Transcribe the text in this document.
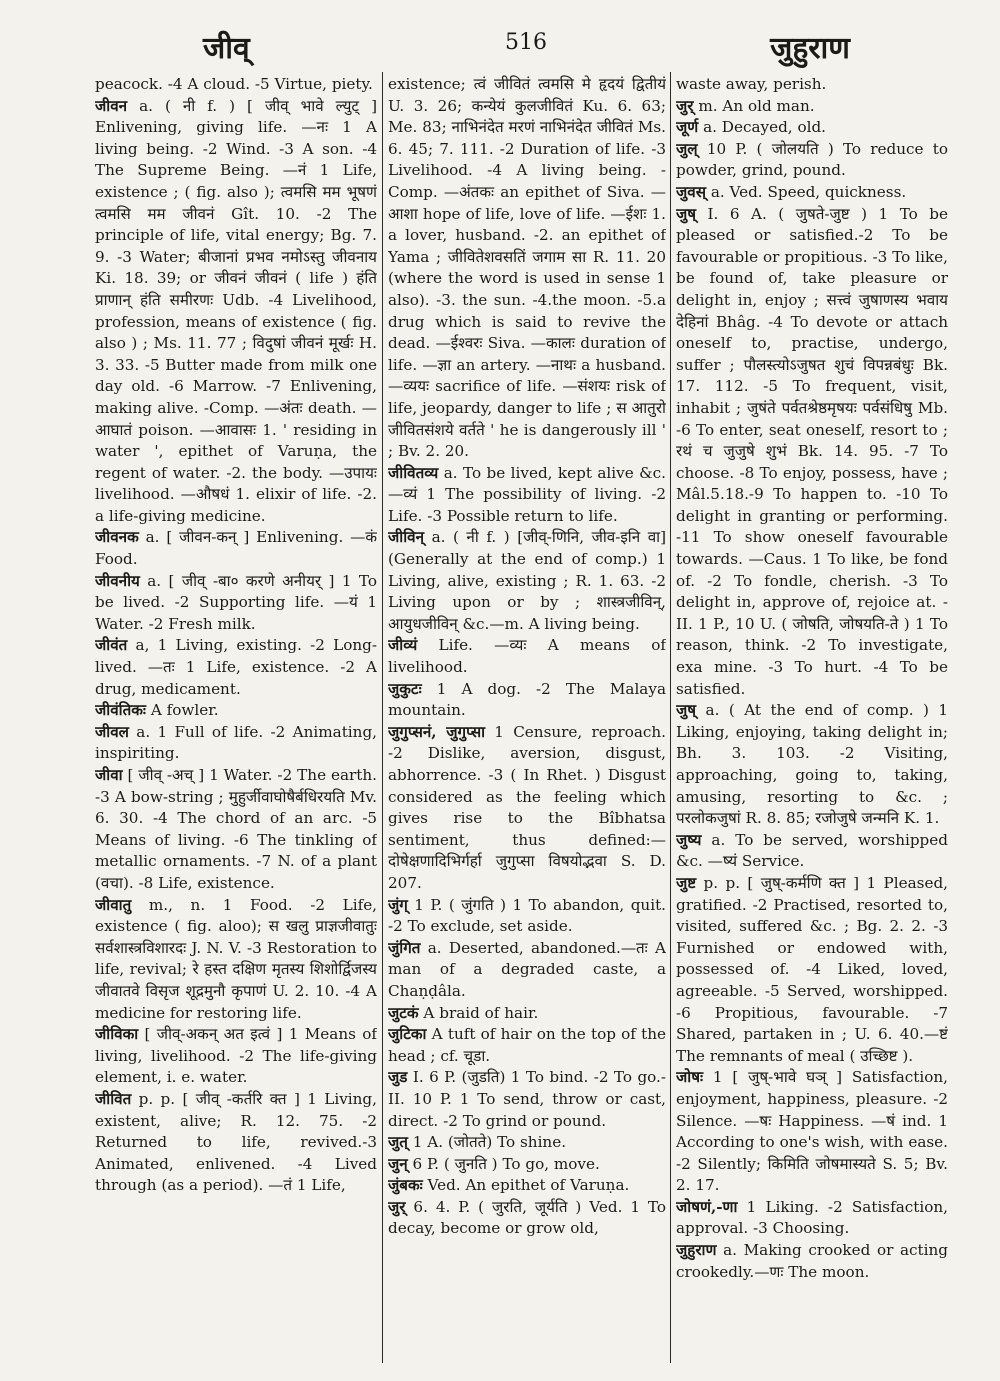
जीव्	516	जुहुराण

peacock. -4 A cloud. -5 Virtue, piety.

जीवन a. ( नी f. ) [ जीव् भावे ल्युट् ] Enlivening, giving life. —नः 1 A living being. -2 Wind. -3 A son. -4 The Supreme Being. —नं 1 Life, existence ; ( fig. also ); त्वमसि मम भूषणं त्वमसि मम जीवनं Gît. 10. -2 The principle of life, vital energy; Bg. 7. 9. -3 Water; बीजानां प्रभव नमोऽस्तु जीवनाय Ki. 18. 39; or जीवनं जीवनं ( life ) हंति प्राणान् हंति समीरणः Udb. -4 Livelihood, profession, means of existence ( fig. also ) ; Ms. 11. 77 ; विदुषां जीवनं मूर्खः H. 3. 33. -5 Butter made from milk one day old. -6 Marrow. -7 Enlivening, making alive. -Comp. —अंतः death. —आघातं poison. —आवासः 1. ' residing in water ', epithet of Varuṇa, the regent of water. -2. the body. —उपायः livelihood. —औषधं 1. elixir of life. -2. a life-giving medicine.

जीवनक a. [ जीवन-कन् ] Enlivening. —कं Food.

जीवनीय a. [ जीव् -बा० करणे अनीयर् ] 1 To be lived. -2 Supporting life. —यं 1 Water. -2 Fresh milk.

जीवंत a, 1 Living, existing. -2 Long-lived. —तः 1 Life, existence. -2 A drug, medicament.

जीवंतिकः A fowler.

जीवल a. 1 Full of life. -2 Animating, inspiriting.

जीवा [ जीव् -अच् ] 1 Water. -2 The earth. -3 A bow-string ; मुहुर्जीवाघोषैर्बधिरयति Mv. 6. 30. -4 The chord of an arc. -5 Means of living. -6 The tinkling of metallic ornaments. -7 N. of a plant (वचा). -8 Life, existence.

जीवातु m., n. 1 Food. -2 Life, existence ( fig. aloo); स खलु प्राज्ञजीवातुः सर्वशास्त्रविशारदः J. N. V. -3 Restoration to life, revival; रे हस्त दक्षिण मृतस्य शिशोर्द्विजस्य जीवातवे विसृज शूद्रमुनौ कृपाणं U. 2. 10. -4 A medicine for restoring life.

जीविका [ जीव्-अकन् अत इत्वं ] 1 Means of living, livelihood. -2 The life-giving element, i. e. water.

जीवित p. p. [ जीव् -कर्तरि क्त ] 1 Living, existent, alive; R. 12. 75. -2 Returned to life, revived.-3 Animated, enlivened. -4 Lived through (as a period). —तं 1 Life,

existence; त्वं जीवितं त्वमसि मे हृदयं द्वितीयं U. 3. 26; कन्येयं कुलजीवितं Ku. 6. 63; Me. 83; नाभिनंदेत मरणं नाभिनंदेत जीवितं Ms. 6. 45; 7. 111. -2 Duration of life. -3 Livelihood. -4 A living being. -Comp. —अंतकः an epithet of Siva. —आशा hope of life, love of life. —ईशः 1. a lover, husband. -2. an epithet of Yama ; जीवितेशवसतिं जगाम सा R. 11. 20 (where the word is used in sense 1 also). -3. the sun. -4.the moon. -5.a drug which is said to revive the dead. —ईश्वरः Siva. —कालः duration of life. —ज्ञा an artery. —नाथः a husband. —व्ययः sacrifice of life. —संशयः risk of life, jeopardy, danger to life ; स आतुरो जीवितसंशये वर्तते ' he is dangerously ill ' ; Bv. 2. 20.

जीवितव्य a. To be lived, kept alive &c. —व्यं 1 The possibility of living. -2 Life. -3 Possible return to life.

जीविन् a. ( नी f. ) [जीव्-णिनि, जीव-इनि वा] (Generally at the end of comp.) 1 Living, alive, existing ; R. 1. 63. -2 Living upon or by ; शास्त्रजीविन्, आयुधजीविन् &c.—m. A living being.

जीव्यं Life. —व्यः A means of livelihood.

जुकुटः 1 A dog. -2 The Malaya mountain.

जुगुप्सनं, जुगुप्सा 1 Censure, reproach. -2 Dislike, aversion, disgust, abhorrence. -3 ( In Rhet. ) Disgust considered as the feeling which gives rise to the Bîbhatsa sentiment, thus defined:—दोषेक्षणादिभिर्गर्हा जुगुप्सा विषयोद्भवा S. D. 207.

जुंग् 1 P. ( जुंगति ) 1 To abandon, quit. -2 To exclude, set aside.

जुंगित a. Deserted, abandoned.—तः A man of a degraded caste, a Chaṇḍâla.

जुटकं A braid of hair.

जुटिका A tuft of hair on the top of the head ; cf. चूडा.

जुड I. 6 P. (जुडति) 1 To bind. -2 To go.-II. 10 P. 1 To send, throw or cast, direct. -2 To grind or pound.

जुत् 1 A. (जोतते) To shine.

जुन् 6 P. ( जुनति ) To go, move.

जुंबकः Ved. An epithet of Varuṇa.

जुर् 6. 4. P. ( जुरति, जूर्यति ) Ved. 1 To decay, become or grow old,

waste away, perish.

जुर् m. An old man.

जूर्ण a. Decayed, old.

जुल् 10 P. ( जोलयति ) To reduce to powder, grind, pound.

जुवस् a. Ved. Speed, quickness.

जुष् I. 6 A. ( जुषते-जुष्ट ) 1 To be pleased or satisfied.-2 To be favourable or propitious. -3 To like, be found of, take pleasure or delight in, enjoy ; सत्त्वं जुषाणस्य भवाय देहिनां Bhâg. -4 To devote or attach oneself to, practise, undergo, suffer ; पौलस्त्योऽजुषत शुचं विपन्नबंधुः Bk. 17. 112. -5 To frequent, visit, inhabit ; जुषंते पर्वतश्रेष्ठमृषयः पर्वसंधिषु Mb. -6 To enter, seat oneself, resort to ; रथं च जुजुषे शुभं Bk. 14. 95. -7 To choose. -8 To enjoy, possess, have ; Mâl.5.18.-9 To happen to. -10 To delight in granting or performing. -11 To show oneself favourable towards. —Caus. 1 To like, be fond of. -2 To fondle, cherish. -3 To delight in, approve of, rejoice at. -II. 1 P., 10 U. ( जोषति, जोषयति-ते ) 1 To reason, think. -2 To investigate, exa mine. -3 To hurt. -4 To be satisfied.

जुष् a. ( At the end of comp. ) 1 Liking, enjoying, taking delight in; Bh. 3. 103. -2 Visiting, approaching, going to, taking, amusing, resorting to &c. ; परलोकजुषां R. 8. 85; रजोजुषे जन्मनि K. 1.

जुष्य a. To be served, worshipped &c. —ष्यं Service.

जुष्ट p. p. [ जुष्-कर्मणि क्त ] 1 Pleased, gratified. -2 Practised, resorted to, visited, suffered &c. ; Bg. 2. 2. -3 Furnished or endowed with, possessed of. -4 Liked, loved, agreeable. -5 Served, worshipped. -6 Propitious, favourable. -7 Shared, partaken in ; U. 6. 40.—ष्टं The remnants of meal ( उच्छिष्ट ).

जोषः 1 [ जुष्-भावे घञ् ] Satisfaction, enjoyment, happiness, pleasure. -2 Silence. —षः Happiness. —षं ind. 1 According to one's wish, with ease. -2 Silently; किमिति जोषमास्यते S. 5; Bv. 2. 17.

जोषणं,-णा 1 Liking. -2 Satisfaction, approval. -3 Choosing.

जुहुराण a. Making crooked or acting crookedly.—णः The moon.
